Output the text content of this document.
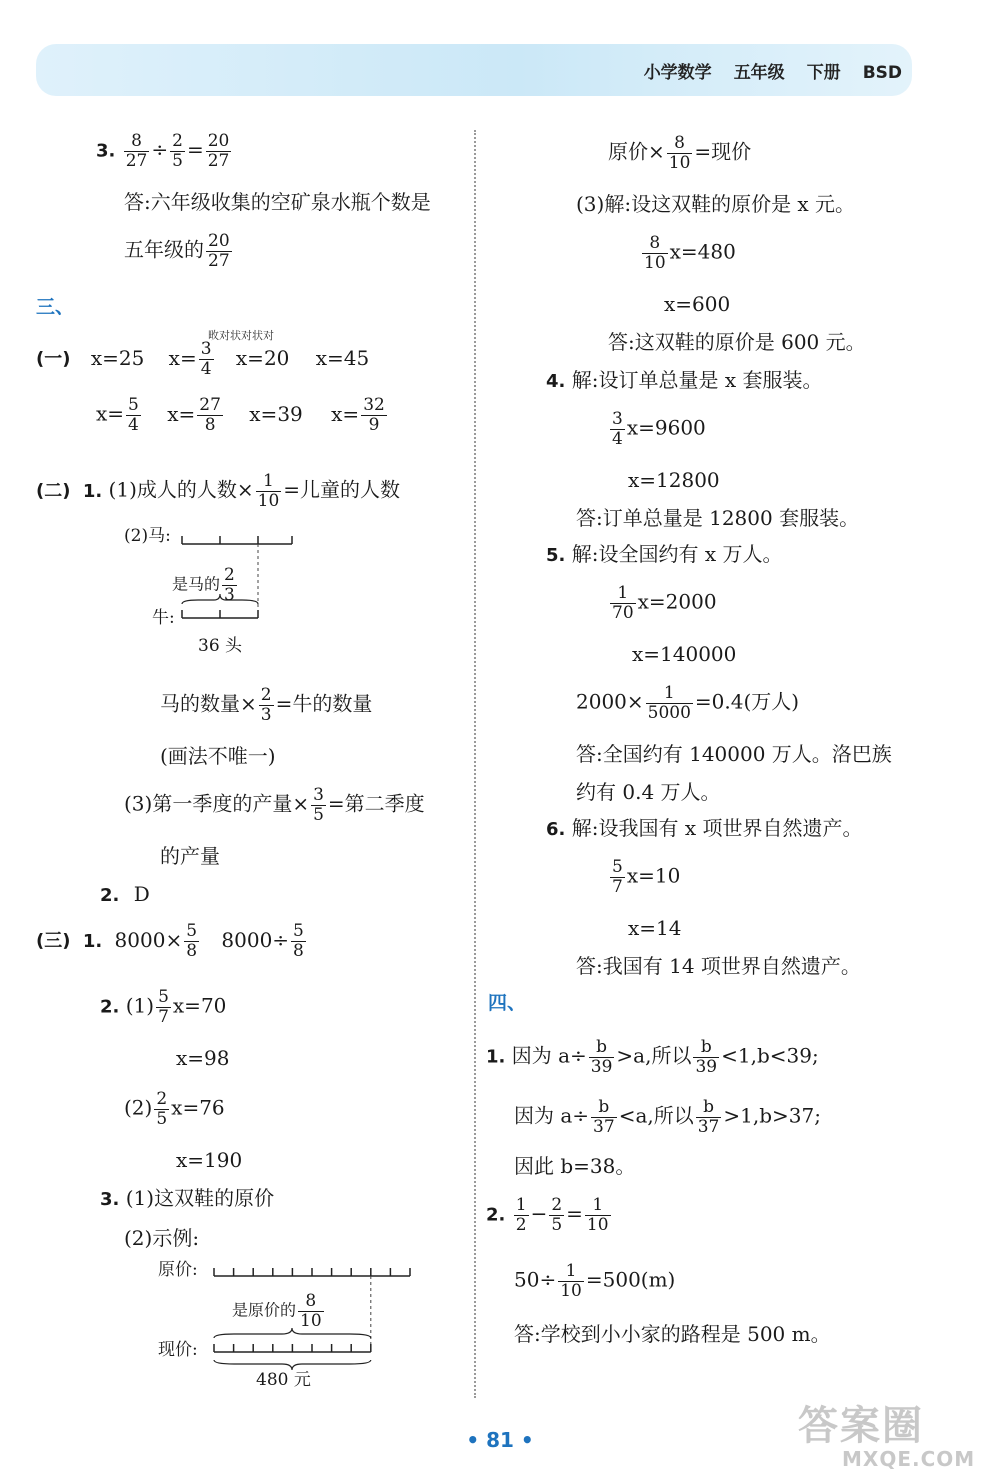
小学数学 五年级 下册 BSD
3. $\frac{8}{27} \div \frac{2}{5} = \frac{20}{27}$
答:六年级收集的空矿泉水瓶个数是
五年级的 $\frac{20}{27}$
三、
(一) x=25 $x= \frac{3}{4} x=20$ x=45
畋对状对状对
$x= \frac{5}{4} x= \frac{27}{8} x=39$ $x= \frac{32}{9}$
(二) 1. (1)成人的人数× $\frac{1}{10}$ =儿童的人数
(2)马:
是马的 $\frac{2}{3}$
牛:
36 头
马的数量× $\frac{2}{3}$ =牛的数量
(画法不唯一)
(3)第一季度的产量× $\frac{3}{5}$ =第二季度
的产量
2. D
(三) 1. $8000\times \frac{5}{8} 8000\div \frac{5}{8}$
2. $(1) \frac{5}{7} x=70$
x=98
$(2) \frac{2}{5} x=76$
x=190
3. (1)这双鞋的原价
(2)示例:
原价:
是原价的 $\frac{8}{10}$
现价:
480 元
原价× $\frac{8}{10}$ =现价
(3)解:设这双鞋的原价是 x 元。
$\frac{8}{10} x=480$
x=600
答:这双鞋的原价是 600 元。
4. 解:设订单总量是 x 套服装。
$\frac{3}{4} x=9600$
x=12800
答:订单总量是 12800 套服装。
5. 解:设全国约有 x 万人。
$\frac{1}{70} x=2000$
x=140000
$2000\times \frac{1}{5000} =0.4$(万人)
答:全国约有 140000 万人。洛巴族
约有 0.4 万人。
6. 解:设我国有 x 项世界自然遗产。
$\frac{5}{7} x=10$
x=14
答:我国有 14 项世界自然遗产。
四、
1. 因为 $a\div \frac{b}{39} >a$,所以 $\frac{b}{39} <1,b<39$;
因为 $a\div \frac{b}{37} <a$,所以 $\frac{b}{37} >1,b>37$;
因此 b=38。
2. $\frac{1}{2} - \frac{2}{5} = \frac{1}{10}$
$50\div \frac{1}{10} =500(m)$
答:学校到小小家的路程是 500 m。
• 81 •	答案圈
MXQE.COM
